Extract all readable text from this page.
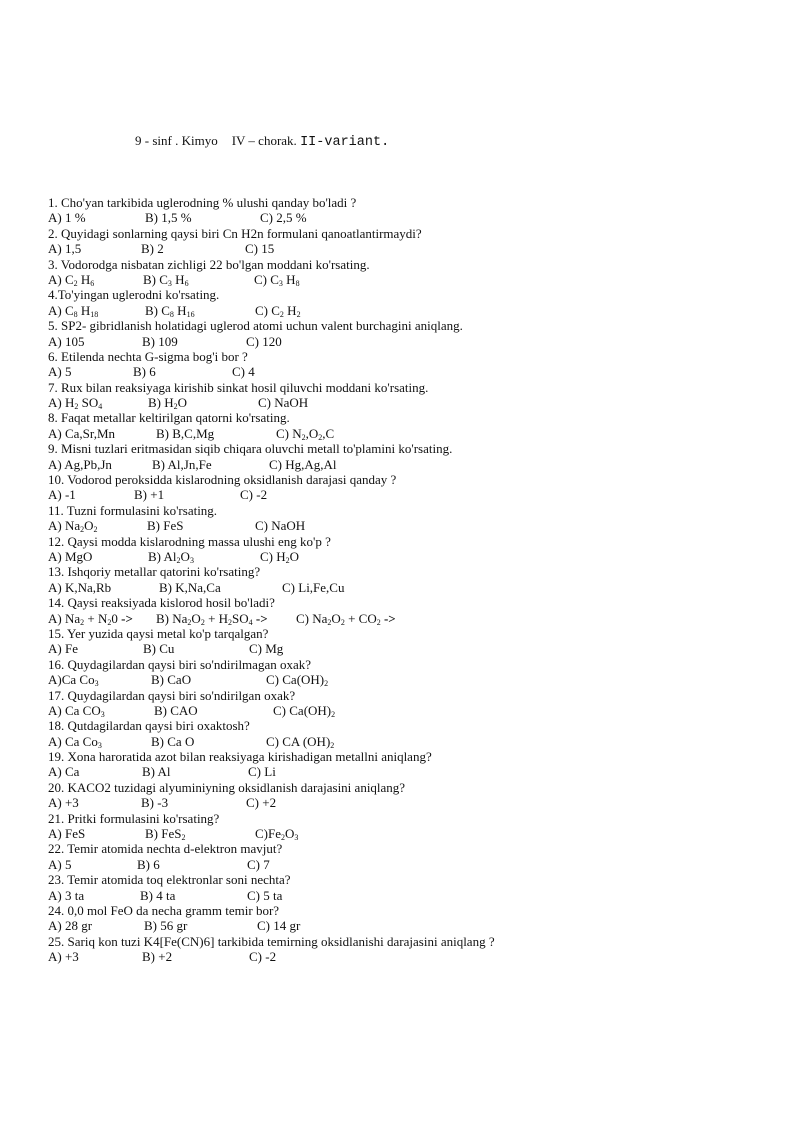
9 - sinf . Kimyo IV – chorak. II-variant.
1. Cho'yan tarkibida uglerodning % ulushi qanday bo'ladi ?
A) 1 %	B) 1,5 %	C) 2,5 %
2. Quyidagi sonlarning qaysi biri Cn H2n formulani qanoatlantirmaydi?
A) 1,5	B) 2	C) 15
3. Vodorodga nisbatan zichligi 22 bo'lgan moddani ko'rsating.
A) $C_2$ $H_6$	B) $C_3$ $H_6$	C) $C_3$ $H_8$
4.To'yingan uglerodni ko'rsating.
A) $C_8$ $H_{18}$	B) $C_8$ $H_{16}$	C) $C_2$ $H_2$
5. SP2- gibridlanish holatidagi uglerod atomi uchun valent burchagini aniqlang.
A) 105	B) 109	C) 120
6. Etilenda nechta G-sigma bog'i bor ?
A) 5	B) 6	C) 4
7. Rux bilan reaksiyaga kirishib sinkat hosil qiluvchi moddani ko'rsating.
A) $H_2$ $SO_4$	B) $H_2O$	C) NaOH
8. Faqat metallar keltirilgan qatorni ko'rsating.
A) Ca,Sr,Mn	B) B,C,Mg	C) $N_2,O_2,C$
9. Misni tuzlari eritmasidan siqib chiqara oluvchi metall to'plamini ko'rsating.
A) Ag,Pb,Jn	B) Al,Jn,Fe	C) Hg,Ag,Al
10. Vodorod peroksidda kislarodning oksidlanish darajasi qanday ?
A) -1	B) +1	C) -2
11. Tuzni formulasini ko'rsating.
A) $Na_2O_2$	B) FeS	C) NaOH
12. Qaysi modda kislarodning massa ulushi eng ko'p ?
A) MgO	B) $Al_2O_3$	C) $H_2O$
13. Ishqoriy metallar qatorini ko'rsating?
A) K,Na,Rb	B) K,Na,Ca	C) Li,Fe,Cu
14. Qaysi reaksiyada kislorod hosil bo'ladi?
A) $Na_2 + N_20 -> B$) $Na_2O_2 + H_2SO_4 -> C$) $Na_2O_2 + CO_2$ ->
15. Yer yuzida qaysi metal ko'p tarqalgan?
A) Fe	B) Cu	C) Mg
16. Quydagilardan qaysi biri so'ndirilmagan oxak?
A)Ca $Co_3$	B) CaO	C) $Ca(OH)_2$
17. Quydagilardan qaysi biri so'ndirilgan oxak?
A) Ca $CO_3$	B) CAO	C) $Ca(OH)_2$
18. Qutdagilardan qaysi biri oxaktosh?
A) Ca $Co_3$	B) Ca O	C) CA $(OH)_2$
19. Xona haroratida azot bilan reaksiyaga kirishadigan metallni aniqlang?
A) Ca	B) Al	C) Li
20. KACO2 tuzidagi alyuminiyning oksidlanish darajasini aniqlang?
A) +3	B) -3	C) +2
21. Pritki formulasini ko'rsating?
A) FeS	B) FeS$_2$	$C)Fe_2O_3$
22. Temir atomida nechta d-elektron mavjut?
A) 5	B) 6	C) 7
23. Temir atomida toq elektronlar soni nechta?
A) 3 ta	B) 4 ta	C) 5 ta
24. 0,0 mol FeO da necha gramm temir bor?
A) 28 gr	B) 56 gr	C) 14 gr
25. Sariq kon tuzi K4[Fe(CN)6] tarkibida temirning oksidlanishi darajasini aniqlang ?
A) +3	B) +2	C) -2
